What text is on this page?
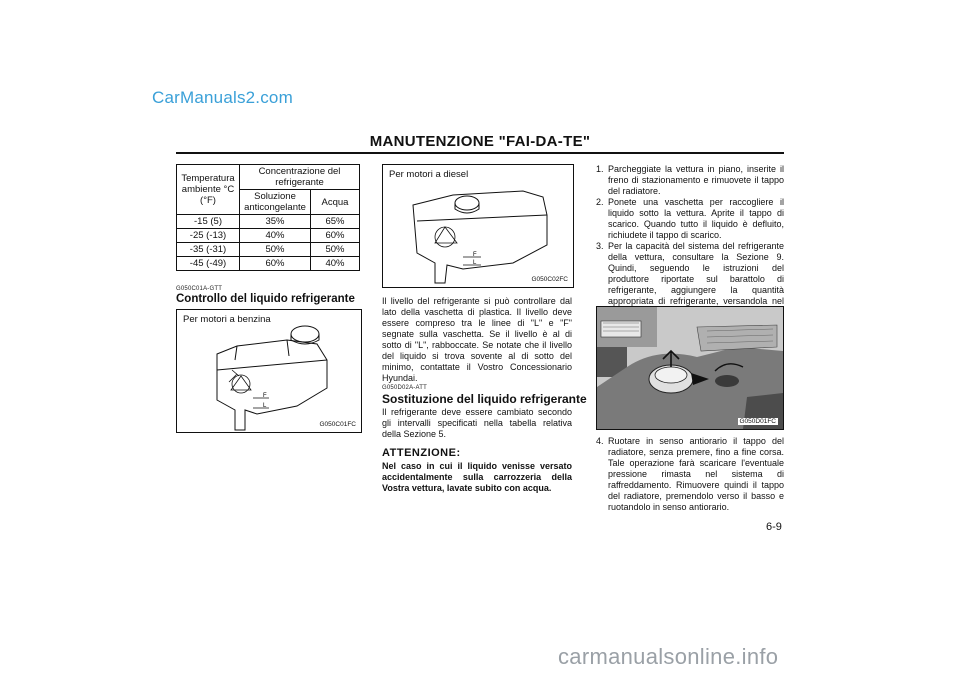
CarManuals2.com
MANUTENZIONE "FAI-DA-TE"
Temperatura ambiente °C (°F)	Concentrazione del refrigerante	
	Soluzione anticongelante	Acqua
-15 (5)	35%	65%
-25 (-13)	40%	60%
-35 (-31)	50%	50%
-45 (-49)	60%	40%
G050C01A-GTT
Controllo del liquido refrigerante
Per motori a benzina
F
L
G050C01FC
Per motori a diesel
F
L
G050C02FC
Il livello del refrigerante si può controllare dal lato della vaschetta di plastica. Il livello deve essere compreso tra le linee di "L" e "F" segnate sulla vaschetta. Se il livello è al di sotto di "L", rabboccate. Se notate che il livello del liquido si trova sovente al di sotto del minimo, contattate il Vostro Concessionario Hyundai.
G050D02A-ATT
Sostituzione del liquido refrigerante
Il refrigerante deve essere cambiato secondo gli intervalli specificati nella tabella relativa della Sezione 5.
ATTENZIONE:
Nel caso in cui il liquido venisse versato accidentalmente sulla carrozzeria della Vostra vettura, lavate subito con acqua.
1. Parcheggiate la vettura in piano, inserite il freno di stazionamento e rimuovete il tappo del radiatore.
2. Ponete una vaschetta per raccogliere il liquido sotto la vettura. Aprite il tappo di scarico. Quando tutto il liquido è defluito, richiudete il tappo di scarico.
3. Per la capacità del sistema del refrigerante della vettura, consultare la Sezione 9. Quindi, seguendo le istruzioni del produttore riportate sul barattolo di refrigerante, aggiungere la quantità appropriata di refrigerante, versandola nel
G050D01FC
4. Ruotare in senso antiorario il tappo del radiatore, senza premere, fino a fine corsa. Tale operazione farà scaricare l'eventuale pressione rimasta nel sistema di raffreddamento. Rimuovere quindi il tappo del radiatore, premendolo verso il basso e ruotandolo in senso antiorario.
6-9
carmanualsonline.info
